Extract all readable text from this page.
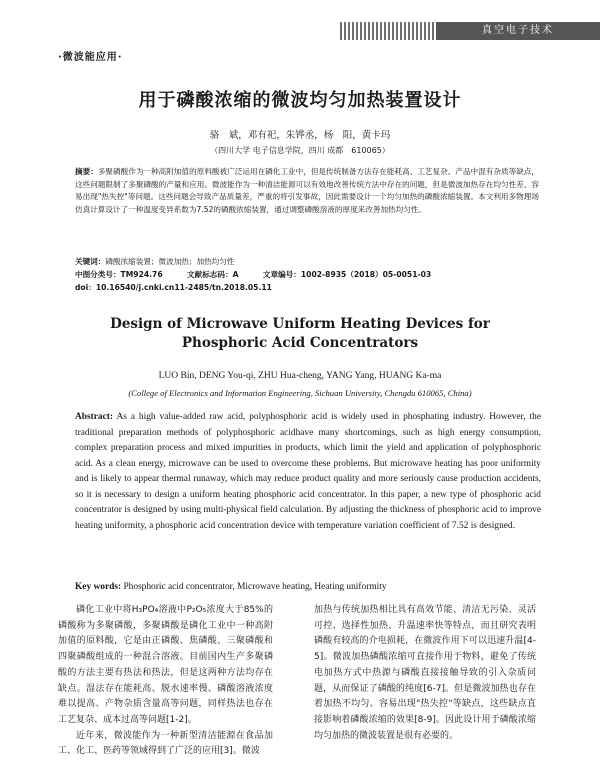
真空电子技术
·微波能应用·
用于磷酸浓缩的微波均匀加热装置设计
骆　斌，邓有祀，朱铧丞，杨　阳，黄卡玛
（四川大学 电子信息学院，四川 成都　610065）
摘要：多聚磷酸作为一种高附加值的原料酸被广泛运用在磷化工业中，但是传统制备方法存在能耗高、工艺复杂、产品中混有杂质等缺点，这些问题限制了多聚磷酸的产量和应用。微波能作为一种清洁能源可以有效地改善传统方法中存在的问题，但是微波加热存在均匀性差、容易出现"热失控"等问题。这些问题会导致产品质量差，严重的将引发事故，因此需要设计一个均匀加热的磷酸浓缩装置。本文利用多物理场仿真计算设计了一种温度变异系数为7.52的磷酸浓缩装置，通过调整磷酸溶液的厚度来改善加热均匀性。
关键词：磷酸浓缩装置；微波加热；加热均匀性
中图分类号：TM924.76	文献标志码：A	文章编号：1002-8935（2018）05-0051-03
doi：10.16540/j.cnki.cn11-2485/tn.2018.05.11
Design of Microwave Uniform Heating Devices for
Phosphoric Acid Concentrators
LUO Bin, DENG You-qi, ZHU Hua-cheng, YANG Yang, HUANG Ka-ma
(College of Electronics and Information Engineering, Sichuan University, Chengdu 610065, China)
Abstract: As a high value-added raw acid, polyphosphoric acid is widely used in phosphating industry. However, the traditional preparation methods of polyphosphoric acidhave many shortcomings, such as high energy consumption, complex preparation process and mixed impurities in products, which limit the yield and application of polyphosphoric acid. As a clean energy, microwave can be used to overcome these problems. But microwave heating has poor uniformity and is likely to appear thermal runaway, which may reduce product quality and more seriously cause production accidents, so it is necessary to design a uniform heating phosphoric acid concentrator. In this paper, a new type of phosphoric acid concentrator is designed by using multi-physical field calculation. By adjusting the thickness of phosphoric acid to improve heating uniformity, a phosphoric acid concentration device with temperature variation coefficient of 7.52 is designed.
Key words: Phosphoric acid concentrator, Microwave heating, Heating uniformity

磷化工业中将H₃PO₄溶液中P₂O₅浓度大于85%的磷酸称为多聚磷酸，多聚磷酸是磷化工业中一种高附加值的原料酸，它是由正磷酸、焦磷酸、三聚磷酸和四聚磷酸组成的一种混合溶液。目前国内生产多聚磷酸的方法主要有热法和热法，但是这两种方法均存在缺点。湿法存在能耗高、脱水速率慢、磷酸溶液浓度难以提高、产物杂质含量高等问题，同样热法也存在工艺复杂、成本过高等问题[1-2]。

近年来，微波能作为一种新型清洁能源在食品加工、化工、医药等领域得到了广泛的应用[3]。微波

加热与传统加热相比具有高效节能、清洁无污染、灵活可控、选择性加热、升温速率快等特点，而且研究表明磷酸有较高的介电损耗，在微波作用下可以迅速升温[4-5]。微波加热磷酸浓缩可直接作用于物料，避免了传统电加热方式中热源与磷酸直接接触导致的引入杂质问题，从而保证了磷酸的纯度[6-7]。但是微波加热也存在着加热不均匀、容易出现"热失控"等缺点，这些缺点直接影响着磷酸浓缩的效果[8-9]。因此设计用于磷酸浓缩均匀加热的微波装置是很有必要的。
